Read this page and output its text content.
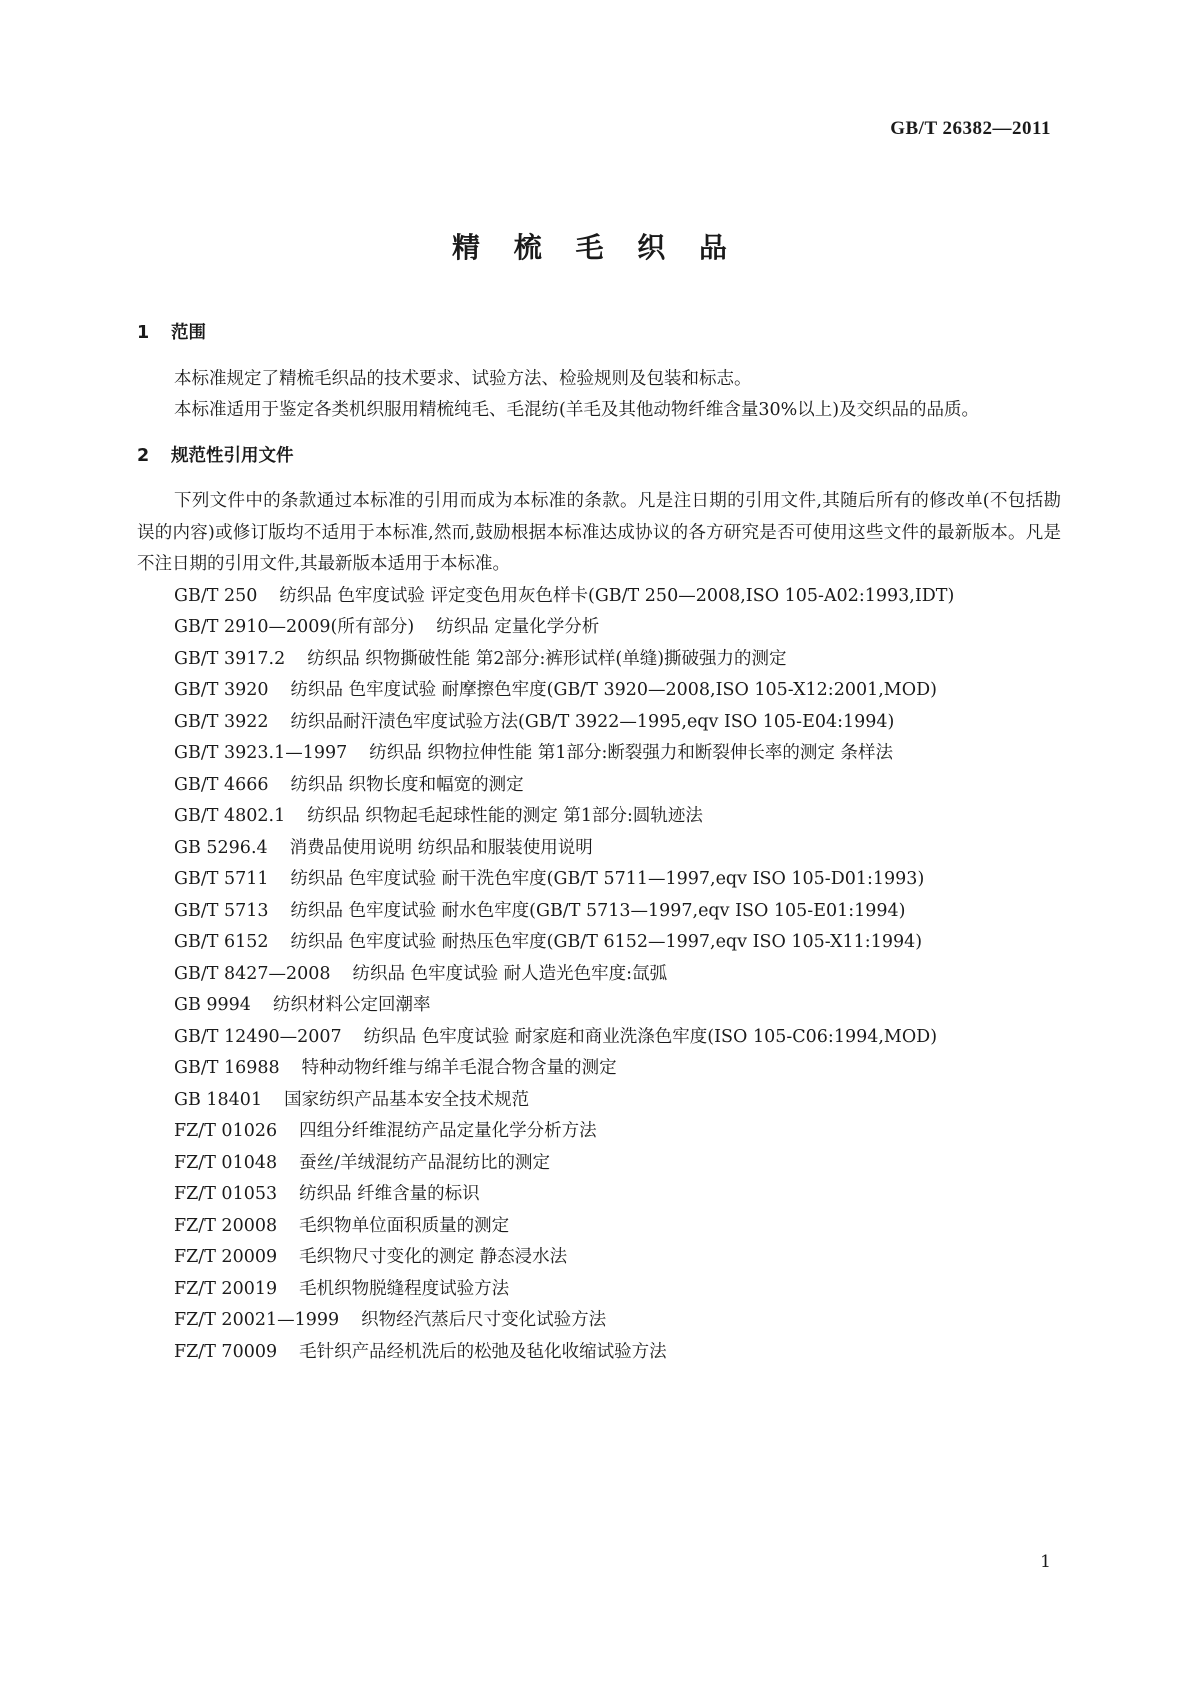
GB/T 26382—2011
精 梳 毛 织 品
1 范围

本标准规定了精梳毛织品的技术要求、试验方法、检验规则及包装和标志。

本标准适用于鉴定各类机织服用精梳纯毛、毛混纺(羊毛及其他动物纤维含量30%以上)及交织品的品质。

2 规范性引用文件

下列文件中的条款通过本标准的引用而成为本标准的条款。凡是注日期的引用文件,其随后所有的修改单(不包括勘误的内容)或修订版均不适用于本标准,然而,鼓励根据本标准达成协议的各方研究是否可使用这些文件的最新版本。凡是不注日期的引用文件,其最新版本适用于本标准。

GB/T 250 纺织品 色牢度试验 评定变色用灰色样卡(GB/T 250—2008,ISO 105-A02:1993,IDT)

GB/T 2910—2009(所有部分) 纺织品 定量化学分析

GB/T 3917.2 纺织品 织物撕破性能 第2部分:裤形试样(单缝)撕破强力的测定

GB/T 3920 纺织品 色牢度试验 耐摩擦色牢度(GB/T 3920—2008,ISO 105-X12:2001,MOD)

GB/T 3922 纺织品耐汗渍色牢度试验方法(GB/T 3922—1995,eqv ISO 105-E04:1994)

GB/T 3923.1—1997 纺织品 织物拉伸性能 第1部分:断裂强力和断裂伸长率的测定 条样法

GB/T 4666 纺织品 织物长度和幅宽的测定

GB/T 4802.1 纺织品 织物起毛起球性能的测定 第1部分:圆轨迹法

GB 5296.4 消费品使用说明 纺织品和服装使用说明

GB/T 5711 纺织品 色牢度试验 耐干洗色牢度(GB/T 5711—1997,eqv ISO 105-D01:1993)

GB/T 5713 纺织品 色牢度试验 耐水色牢度(GB/T 5713—1997,eqv ISO 105-E01:1994)

GB/T 6152 纺织品 色牢度试验 耐热压色牢度(GB/T 6152—1997,eqv ISO 105-X11:1994)

GB/T 8427—2008 纺织品 色牢度试验 耐人造光色牢度:氙弧

GB 9994 纺织材料公定回潮率

GB/T 12490—2007 纺织品 色牢度试验 耐家庭和商业洗涤色牢度(ISO 105-C06:1994,MOD)

GB/T 16988 特种动物纤维与绵羊毛混合物含量的测定

GB 18401 国家纺织产品基本安全技术规范

FZ/T 01026 四组分纤维混纺产品定量化学分析方法

FZ/T 01048 蚕丝/羊绒混纺产品混纺比的测定

FZ/T 01053 纺织品 纤维含量的标识

FZ/T 20008 毛织物单位面积质量的测定

FZ/T 20009 毛织物尺寸变化的测定 静态浸水法

FZ/T 20019 毛机织物脱缝程度试验方法

FZ/T 20021—1999 织物经汽蒸后尺寸变化试验方法

FZ/T 70009 毛针织产品经机洗后的松弛及毡化收缩试验方法

1
